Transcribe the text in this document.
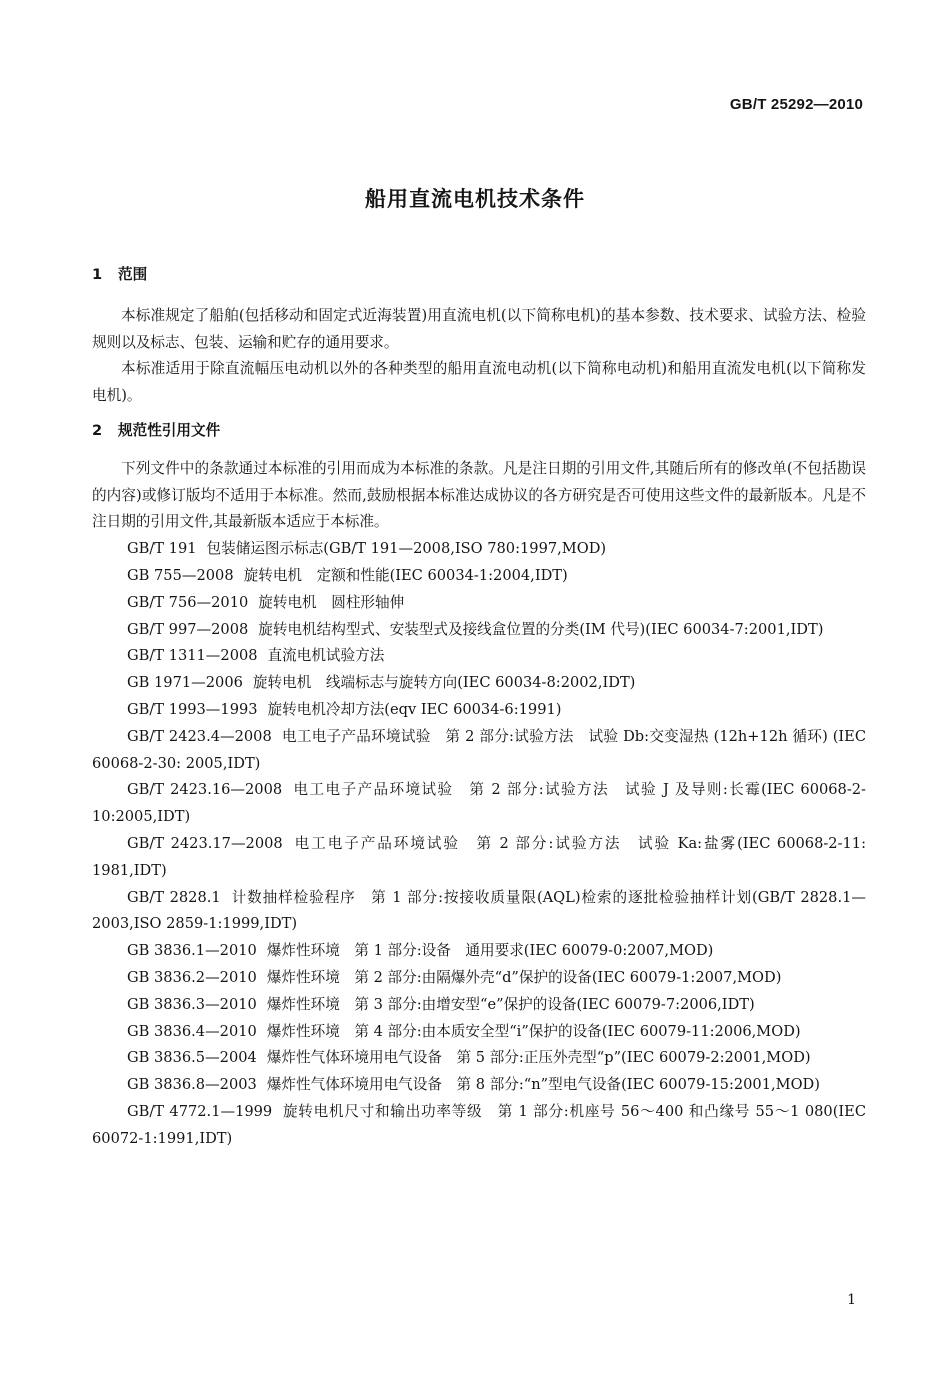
GB/T 25292—2010
船用直流电机技术条件

1 范围

本标准规定了船舶(包括移动和固定式近海装置)用直流电机(以下简称电机)的基本参数、技术要求、试验方法、检验规则以及标志、包装、运输和贮存的通用要求。

本标准适用于除直流幅压电动机以外的各种类型的船用直流电动机(以下简称电动机)和船用直流发电机(以下简称发电机)。

2 规范性引用文件

下列文件中的条款通过本标准的引用而成为本标准的条款。凡是注日期的引用文件,其随后所有的修改单(不包括勘误的内容)或修订版均不适用于本标准。然而,鼓励根据本标准达成协议的各方研究是否可使用这些文件的最新版本。凡是不注日期的引用文件,其最新版本适应于本标准。

GB/T 191 包装储运图示标志(GB/T 191—2008,ISO 780:1997,MOD)
GB 755—2008 旋转电机　定额和性能(IEC 60034-1:2004,IDT)
GB/T 756—2010 旋转电机　圆柱形轴伸
GB/T 997—2008 旋转电机结构型式、安装型式及接线盒位置的分类(IM 代号)(IEC 60034-7:2001,IDT)
GB/T 1311—2008 直流电机试验方法
GB 1971—2006 旋转电机　线端标志与旋转方向(IEC 60034-8:2002,IDT)
GB/T 1993—1993 旋转电机冷却方法(eqv IEC 60034-6:1991)
GB/T 2423.4—2008 电工电子产品环境试验　第 2 部分:试验方法　试验 Db:交变湿热 (12h+12h 循环) (IEC 60068-2-30: 2005,IDT)
GB/T 2423.16—2008 电工电子产品环境试验　第 2 部分:试验方法　试验 J 及导则:长霉(IEC 60068-2-10:2005,IDT)
GB/T 2423.17—2008 电工电子产品环境试验　第 2 部分:试验方法　试验 Ka:盐雾(IEC 60068-2-11: 1981,IDT)
GB/T 2828.1 计数抽样检验程序　第 1 部分:按接收质量限(AQL)检索的逐批检验抽样计划(GB/T 2828.1—2003,ISO 2859-1:1999,IDT)
GB 3836.1—2010 爆炸性环境　第 1 部分:设备　通用要求(IEC 60079-0:2007,MOD)
GB 3836.2—2010 爆炸性环境　第 2 部分:由隔爆外壳“d”保护的设备(IEC 60079-1:2007,MOD)
GB 3836.3—2010 爆炸性环境　第 3 部分:由增安型“e”保护的设备(IEC 60079-7:2006,IDT)
GB 3836.4—2010 爆炸性环境　第 4 部分:由本质安全型“i”保护的设备(IEC 60079-11:2006,MOD)
GB 3836.5—2004 爆炸性气体环境用电气设备　第 5 部分:正压外壳型“p”(IEC 60079-2:2001,MOD)
GB 3836.8—2003 爆炸性气体环境用电气设备　第 8 部分:“n”型电气设备(IEC 60079-15:2001,MOD)
GB/T 4772.1—1999 旋转电机尺寸和输出功率等级　第 1 部分:机座号 56～400 和凸缘号 55～1 080(IEC 60072-1:1991,IDT)
1
